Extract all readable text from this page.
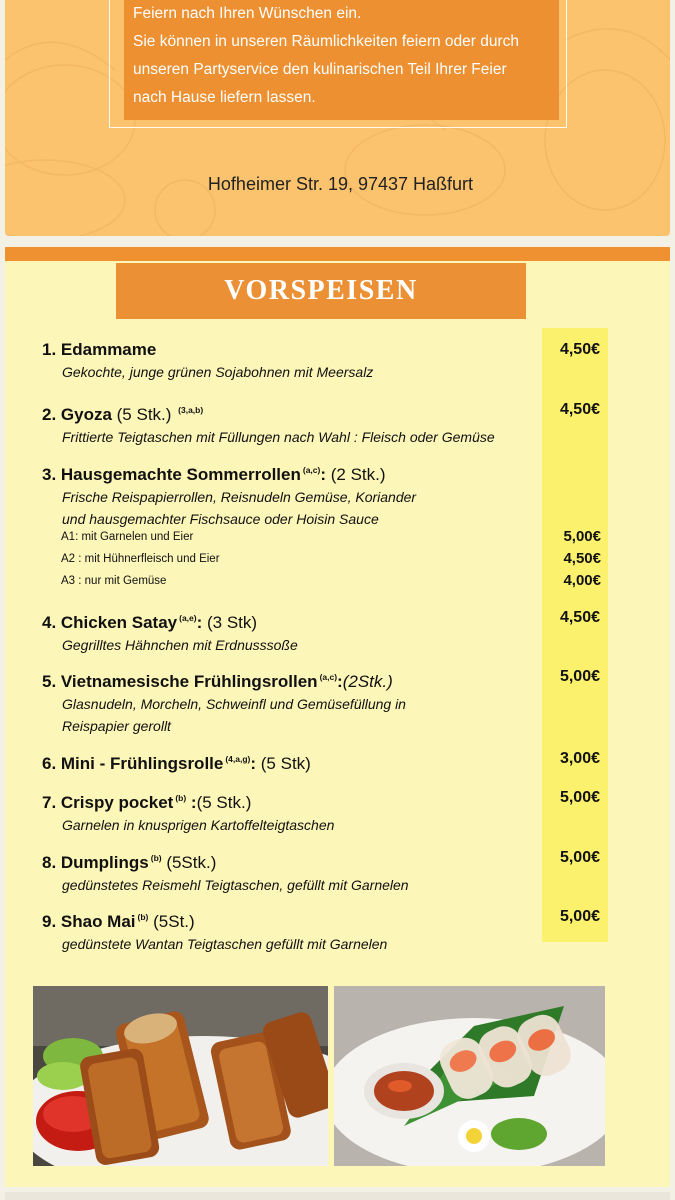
Feiern nach Ihren Wünschen ein.
Sie können in unseren Räumlichkeiten feiern oder durch
unseren Partyservice den kulinarischen Teil Ihrer Feier
nach Hause liefern lassen.
Hofheimer Str. 19, 97437 Haßfurt
VORSPEISEN
1. Edammame
Gekochte, junge grünen Sojabohnen mit Meersalz
4,50€
2. Gyoza (5 Stk.) $^{(3,a,b)}$
Frittierte Teigtaschen mit Füllungen nach Wahl : Fleisch oder Gemüse
4,50€
3. Hausgemachte Sommerrollen $^{(a,c)}$: (2 Stk.)
Frische Reispapierrollen, Reisnudeln Gemüse, Koriander
und hausgemachter Fischsauce oder Hoisin Sauce
A1: mit Garnelen und Eier	5,00€
A2 : mit Hühnerfleisch und Eier	4,50€
A3 : nur mit Gemüse	4,00€
4. Chicken Satay $^{(a,e)}$: (3 Stk)
Gegrilltes Hähnchen mit Erdnusssoße
4,50€
5. Vietnamesische Frühlingsrollen $^{(a,c)}$:(2Stk.)
Glasnudeln, Morcheln, Schweinfl und Gemüsefüllung in
Reispapier gerollt
5,00€
6. Mini - Frühlingsrolle $^{(4,a,g)}$: (5 Stk)	3,00€
7. Crispy pocket $^{(b)}$ :(5 Stk.)
Garnelen in knusprigen Kartoffelteigtaschen
5,00€
8. Dumplings $^{(b)}$ (5Stk.)
gedünstetes Reismehl Teigtaschen, gefüllt mit Garnelen
5,00€
9. Shao Mai $^{(b)}$ (5St.)
gedünstete Wantan Teigtaschen gefüllt mit Garnelen
5,00€
